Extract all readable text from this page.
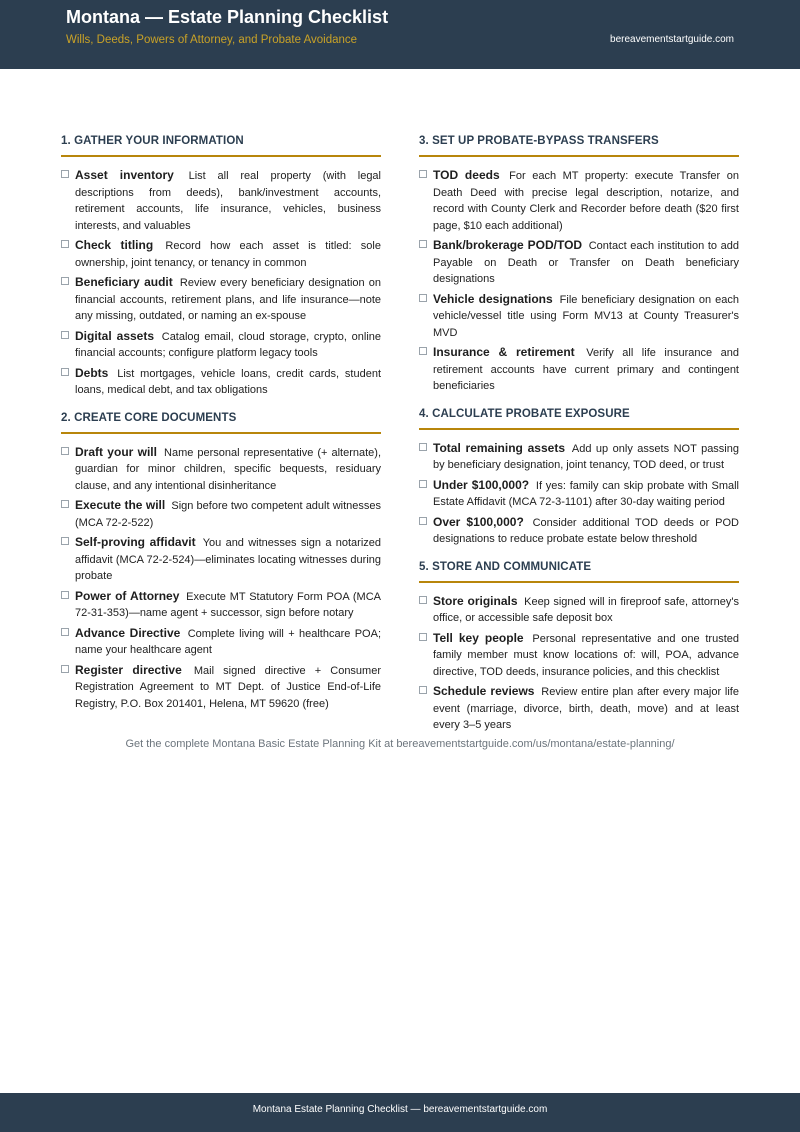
Montana — Estate Planning Checklist
Wills, Deeds, Powers of Attorney, and Probate Avoidance	bereavementstartguide.com
1. GATHER YOUR INFORMATION
Asset inventory List all real property (with legal descriptions from deeds), bank/investment accounts, retirement accounts, life insurance, vehicles, business interests, and valuables
Check titling Record how each asset is titled: sole ownership, joint tenancy, or tenancy in common
Beneficiary audit Review every beneficiary designation on financial accounts, retirement plans, and life insurance—note any missing, outdated, or naming an ex-spouse
Digital assets Catalog email, cloud storage, crypto, online financial accounts; configure platform legacy tools
Debts List mortgages, vehicle loans, credit cards, student loans, medical debt, and tax obligations
2. CREATE CORE DOCUMENTS
Draft your will Name personal representative (+ alternate), guardian for minor children, specific bequests, residuary clause, and any intentional disinheritance
Execute the will Sign before two competent adult witnesses (MCA 72-2-522)
Self-proving affidavit You and witnesses sign a notarized affidavit (MCA 72-2-524)—eliminates locating witnesses during probate
Power of Attorney Execute MT Statutory Form POA (MCA 72-31-353)—name agent + successor, sign before notary
Advance Directive Complete living will + healthcare POA; name your healthcare agent
Register directive Mail signed directive + Consumer Registration Agreement to MT Dept. of Justice End-of-Life Registry, P.O. Box 201401, Helena, MT 59620 (free)
3. SET UP PROBATE-BYPASS TRANSFERS
TOD deeds For each MT property: execute Transfer on Death Deed with precise legal description, notarize, and record with County Clerk and Recorder before death ($20 first page, $10 each additional)
Bank/brokerage POD/TOD Contact each institution to add Payable on Death or Transfer on Death beneficiary designations
Vehicle designations File beneficiary designation on each vehicle/vessel title using Form MV13 at County Treasurer's MVD
Insurance & retirement Verify all life insurance and retirement accounts have current primary and contingent beneficiaries
4. CALCULATE PROBATE EXPOSURE
Total remaining assets Add up only assets NOT passing by beneficiary designation, joint tenancy, TOD deed, or trust
Under $100,000? If yes: family can skip probate with Small Estate Affidavit (MCA 72-3-1101) after 30-day waiting period
Over $100,000? Consider additional TOD deeds or POD designations to reduce probate estate below threshold
5. STORE AND COMMUNICATE
Store originals Keep signed will in fireproof safe, attorney's office, or accessible safe deposit box
Tell key people Personal representative and one trusted family member must know locations of: will, POA, advance directive, TOD deeds, insurance policies, and this checklist
Schedule reviews Review entire plan after every major life event (marriage, divorce, birth, death, move) and at least every 3–5 years
Get the complete Montana Basic Estate Planning Kit at bereavementstartguide.com/us/montana/estate-planning/
Montana Estate Planning Checklist — bereavementstartguide.com
